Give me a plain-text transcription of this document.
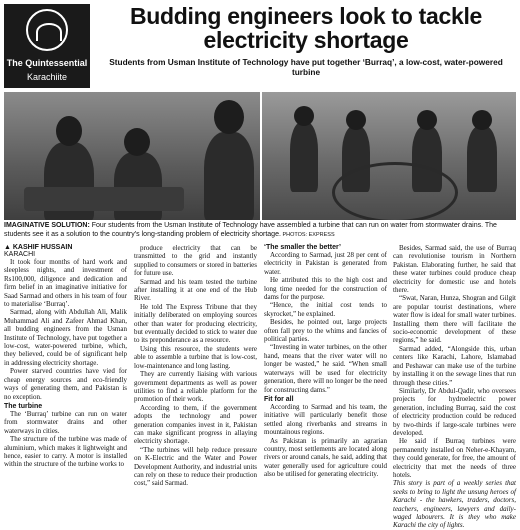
The Quintessential
Karachiite
Budding engineers look to tackle electricity shortage
Students from Usman Institute of Technology have put together ‘Burraq’, a low-cost, water-powered turbine
IMAGINATIVE SOLUTION: Four students from the Usman Institute of Technology have assembled a turbine that can run on water from stormwater drains. The students see it as a solution to the country’s long-standing problem of electricity shortage. PHOTOS: EXPRESS

▲ KASHIF HUSSAIN

KARACHI

It took four months of hard work and sleepless nights, and investment of Rs100,000, diligence and dedication and firm belief in an imaginative initiative for Saad Sarmad and others in his team of four to materialise ‘Burraq’.

Sarmad, along with Abdullah Ali, Malik Muhammad Ali and Zafeer Ahmad Khan, all budding engineers from the Usman Institute of Technology, have put together a low-cost, water-powered turbine, which, they believed, could be of significant help in addressing electricity shortage.

Power starved countries have vied for cheap energy sources and eco-friendly ways of generating them, and Pakistan is no exception.

The turbine

The ‘Burraq’ turbine can run on water from stormwater drains and other waterways in cities.

The structure of the turbine was made of aluminium, which makes it lightweight and hence, easier to carry. A motor is installed within the structure of the turbine works to

produce electricity that can be transmitted to the grid and instantly supplied to consumers or stored in batteries for future use.

Sarmad and his team tested the turbine after installing it at one end of the Hub River.

He told The Express Tribune that they initially deliberated on employing sources other than water for producing electricity, but eventually decided to stick to water due to its preponderance as a resource.

Using this resource, the students were able to assemble a turbine that is low-cost, low-maintenance and long lasting.

They are currently liaising with various government departments as well as power utilities to find a reliable platform for the promotion of their work.

According to them, if the government adopts the technology and power generation companies invest in it, Pakistan can make significant progress in allaying electricity shortage.

“The turbines will help reduce pressure on K-Electric and the Water and Power Development Authority, and industrial units can rely on these to reduce their production cost,” said Sarmad.

‘The smaller the better’

According to Sarmad, just 28 per cent of electricity in Pakistan is generated from water.

He attributed this to the high cost and long time needed for the construction of dams for the purpose.

“Hence, the initial cost tends to skyrocket,” he explained.

Besides, he pointed out, large projects often fall prey to the whims and fancies of political parties.

“Investing in water turbines, on the other hand, means that the river water will no longer be wasted,” he said. “When small waterways will be used for electricity generation, there will no longer be the need for constructing dams.”

Fit for all

According to Sarmad and his team, the initiative will particularly benefit those settled along riverbanks and streams in mountainous regions.

As Pakistan is primarily an agrarian country, most settlements are located along rivers or around canals, he said, adding that water generally used for agriculture could also be utilised for generating electricity.

Besides, Sarmad said, the use of Burraq can revolutionise tourism in Northern Pakistan. Elaborating further, he said that these water turbines could produce cheap electricity for domestic use and hotels there.

“Swat, Naran, Hunza, Shogran and Gilgit are popular tourist destinations, where water flow is ideal for small water turbines. Installing them there will facilitate the socio-economic development of these regions,” he said.

Sarmad added, “Alongside this, urban centers like Karachi, Lahore, Islamabad and Peshawar can make use of the turbine by installing it on the sewage lines that run through these cities.”

Similarly, Dr Abdul-Qadir, who oversees projects for hydroelectric power generation, including Burraq, said the cost of electricity production could be reduced by two-thirds if large-scale turbines were developed.

He said if Burraq turbines were permanently installed on Neher-e-Khayam, they could generate, for free, the amount of electricity that met the needs of three hotels.

This story is part of a weekly series that seeks to bring to light the unsung heroes of Karachi - the hawkers, traders, doctors, teachers, engineers, lawyers and daily-waged labourers. It is they who make Karachi the city of lights.
